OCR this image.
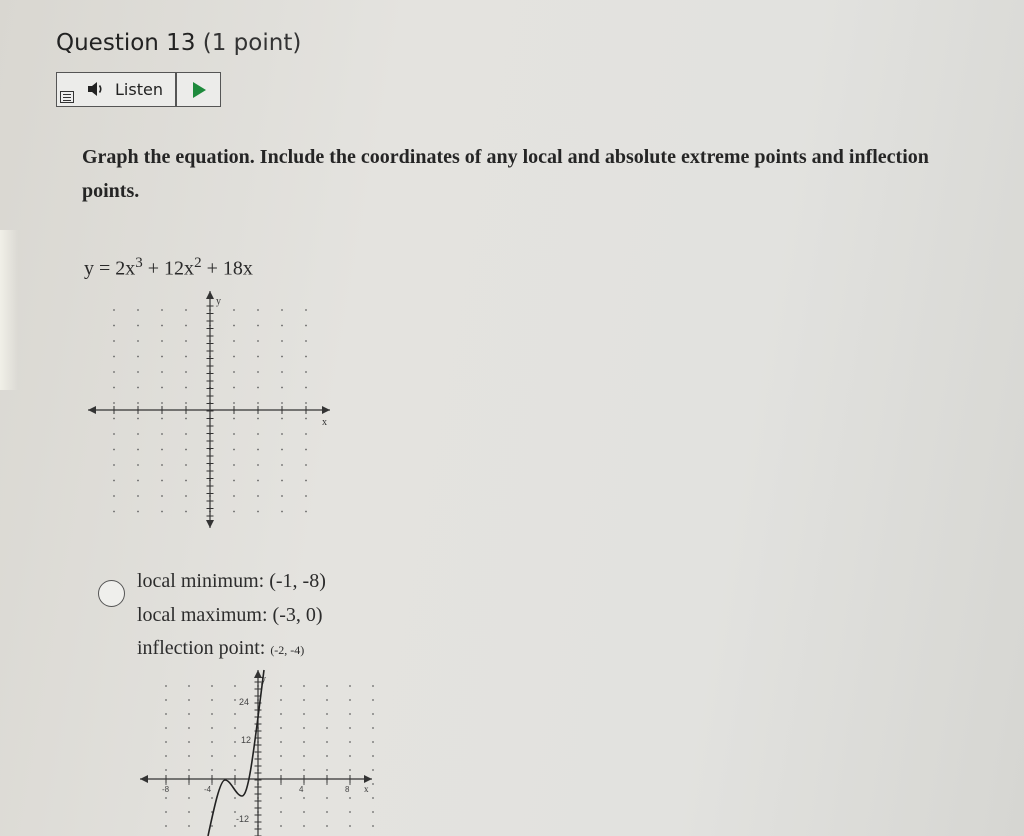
Question 13 (1 point)
Listen
Graph the equation. Include the coordinates of any local and absolute extreme points and inflection points.
$y = 2x^3 + 12x^2 + 18x$
y
x
local minimum: (-1, -8)
local maximum: (-3, 0)
inflection point: (-2, -4)
y
x
24
12
-12
-8	-4	4	8
